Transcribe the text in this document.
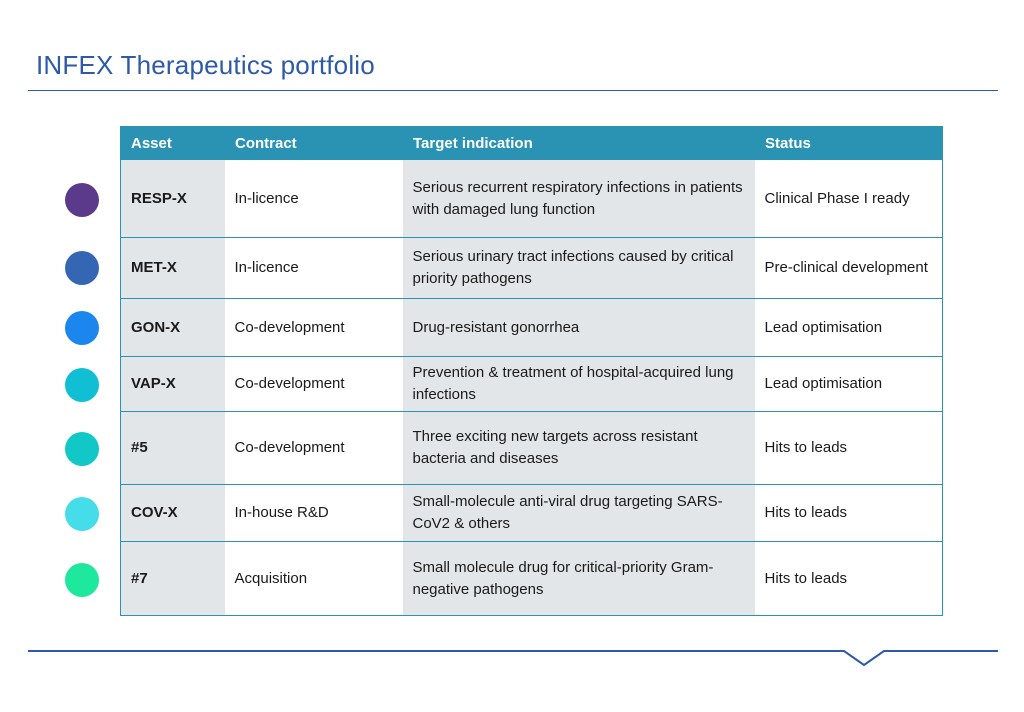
INFEX Therapeutics portfolio
Asset	Contract	Target indication	Status
RESP-X	In-licence	Serious recurrent respiratory infections in patients with damaged lung function	Clinical Phase I ready
MET-X	In-licence	Serious urinary tract infections caused by critical priority pathogens	Pre-clinical development
GON-X	Co-development	Drug-resistant gonorrhea	Lead optimisation
VAP-X	Co-development	Prevention & treatment of hospital-acquired lung infections	Lead optimisation
#5	Co-development	Three exciting new targets across resistant bacteria and diseases	Hits to leads
COV-X	In-house R&D	Small-molecule anti-viral drug targeting SARS-CoV2 & others	Hits to leads
#7	Acquisition	Small molecule drug for critical-priority Gram-negative pathogens	Hits to leads
